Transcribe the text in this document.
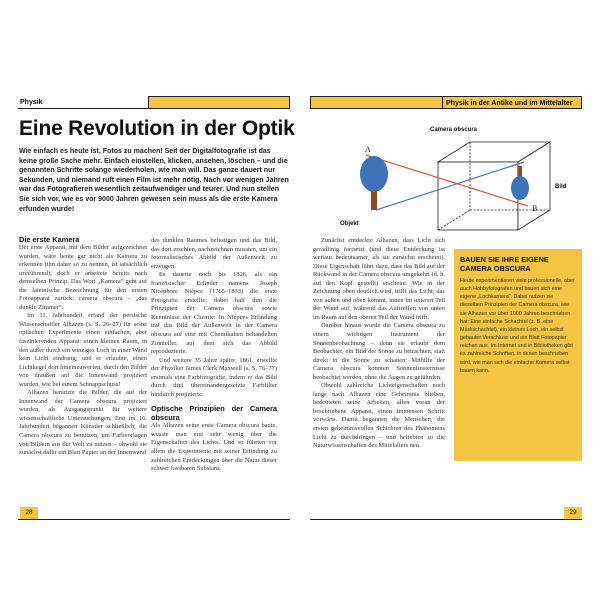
Physik	Physik in der Antike und im Mittelalter
Eine Revolution in der Optik
Wie einfach es heute ist, Fotos zu machen! Seit der Digitalfotografie ist das keine große Sache mehr. Einfach einstellen, klicken, ansehen, löschen – und die genannten Schritte solange wiederholen, wie man will. Das ganze dauert nur Sekunden, und niemand ruft einen Film ist mehr nötig. Nach vor wenigen Jahren war das Fotografieren wesentlich zeitaufwendiger und teurer. Und nun stellen Sie sich vor, wie es vor 9000 Jahren gewesen sein muss als die erste Kamera erfunden wurde!
Die erste Kamera

Der erste Apparat, mit dem Bilder aufgezeichnet wurden, wäre heute gar nicht als Kamera zu erkennen (ihn daher so zu nennen, ist tatsächlich irreführend); doch er arbeitete bereits nach demselben Prinzip. Das Wort „Kamera“ geht auf die lateinische Bezeichnung für den ersten Fotoapparat zurück: camera obscura – „das dunkle Zimmer“.

Im 11. Jahrhundert erfand der persische Wissenschaftler Alhazen (s. S. 26–27) für seine optischen Experimente einen einfachen, aber faszinierenden Apparat: einen kleinen Raum, in den außer durch ein winziges Loch in einer Wand kein Licht eindrang, und er erlaubte, einen Lichtkegel dort hineinzuwerfen, durch den Bilder von draußen auf die Innenwand projiziert wurden, wie bei einem Schnappschuss!

Alhazen benutzte die Bilder, die auf der Innenwand der Camera obscura projiziert wurden, als Ausgangspunkt für weitere wissenschaftliche Untersuchungen. Erst im 16. Jahrhundert begannen Künstler schließlich, die Camera obscura zu benutzen, um Farbvorlagen von Bildern aus der Welt zu nutzen – obwohl sie zunächst dafür ein Blatt Papier an der Innenwand

des dunklen Raumes befestigen und das Bild, das dort erschien, nachzeichnen mussten, um ein fotorealistisches Abbild der Außenwelt zu erzeugen.

Es dauerte noch bis 1826, als ein französischer Erfinder namens Joseph Nicéphore Niépce (1765–1833) die erste Fotografie erstellte; dabei half ihm die Prinzipien der Camera obscura sowie Kenntnisse der Chemie: In Niépces Erfindung traf das Bild der Außenwelt in der Camera obscura auf eine mit Chemikalien behandelten Zinnteller, auf dem sich das Abbild reproduzierte.

Und weitere 35 Jahre später, 1861, erstellte der Physiker James Clerk Maxwell (s. S. 76–77) erstmals eine Farbfotografie, indem er das Bild durch drei übereinandergesetzte Farbfilter hindurch projizierte.

Optische Prinzipien der Camera obscura

Als Alhazen seine erste Camera obscura baute, wusste man erst sehr wenig über die Eigenschaften des Lichts. Und so führten vor allem die Experimente mit seiner Erfindung zu zahlreichen Entdeckungen über die Natur dieser schwer fassbaren Substanz.

Zunächst entdeckte Alhazen, dass Licht sich geradlinig fortsetzt (und diese Entdeckung ist weitaus bedeutsamer, als sie zunächst erscheint). Diese Eigenschaft führt dazu, dass das Bild auf der Rückwand in der Camera obscura umgekehrt (d. h. auf den Kopf gestellt) erscheint. Wie in der Zeichnung oben deutlich wird, trifft das Licht, das von außen und oben kommt, innen im unteren Teil der Wand auf, während das Auftreffen von unten im Raum auf den oberen Teil der Wand trifft.

Darüber hinaus wurde die Camera obscura zu einem wichtigen Instrument der Sonnenbeobachtung – denn sie erlaubt dem Beobachter, ein Bild der Sonne zu betrachten, statt direkt in die Sonne zu schauen: Mithilfe der Camera obscura konnten Sonnenfinsternisse beobachtet werden, ohne die Augen zu gefährden.

Obwohl zahlreiche Lichteigenschaften noch lange nach Alhazen eine Geheimnis blieben, bedeuteten seine Arbeiten, allen voran der beschriebene Apparat, einen immensen Schritt vorwärts. Damit begannen die Menschen, die ersten geheimnisvollen Schichten des Phänomens Licht zu durchdringen – und beliebten so die Naturwissenschaften des Mittelalters neu.

Camera obscura
A
B
Objekt
Bild
BAUEN SIE IHRE EIGENE CAMERA OBSCURA

Heute experimentieren viele professionelle, aber auch Hobbyfotografen und bauen sich eine eigene „Lochkamera“. Dabei nutzen sie dieselben Prinzipien der Camera obscura, wie sie Alhazen vor über 1000 Jahren beschrieben hat: Eine einfache Schachtel (z. B. eine Müslischachtel), ein kleines Loch, ein selbst gebauter Verschluss und ein Blatt Fotopapier reichen aus. Im Internet und in Bibliotheken gibt es zahlreiche Schriften, in denen beschrieben wird, wie man sich die einfache Kamera selbst bauen kann.

28	29
